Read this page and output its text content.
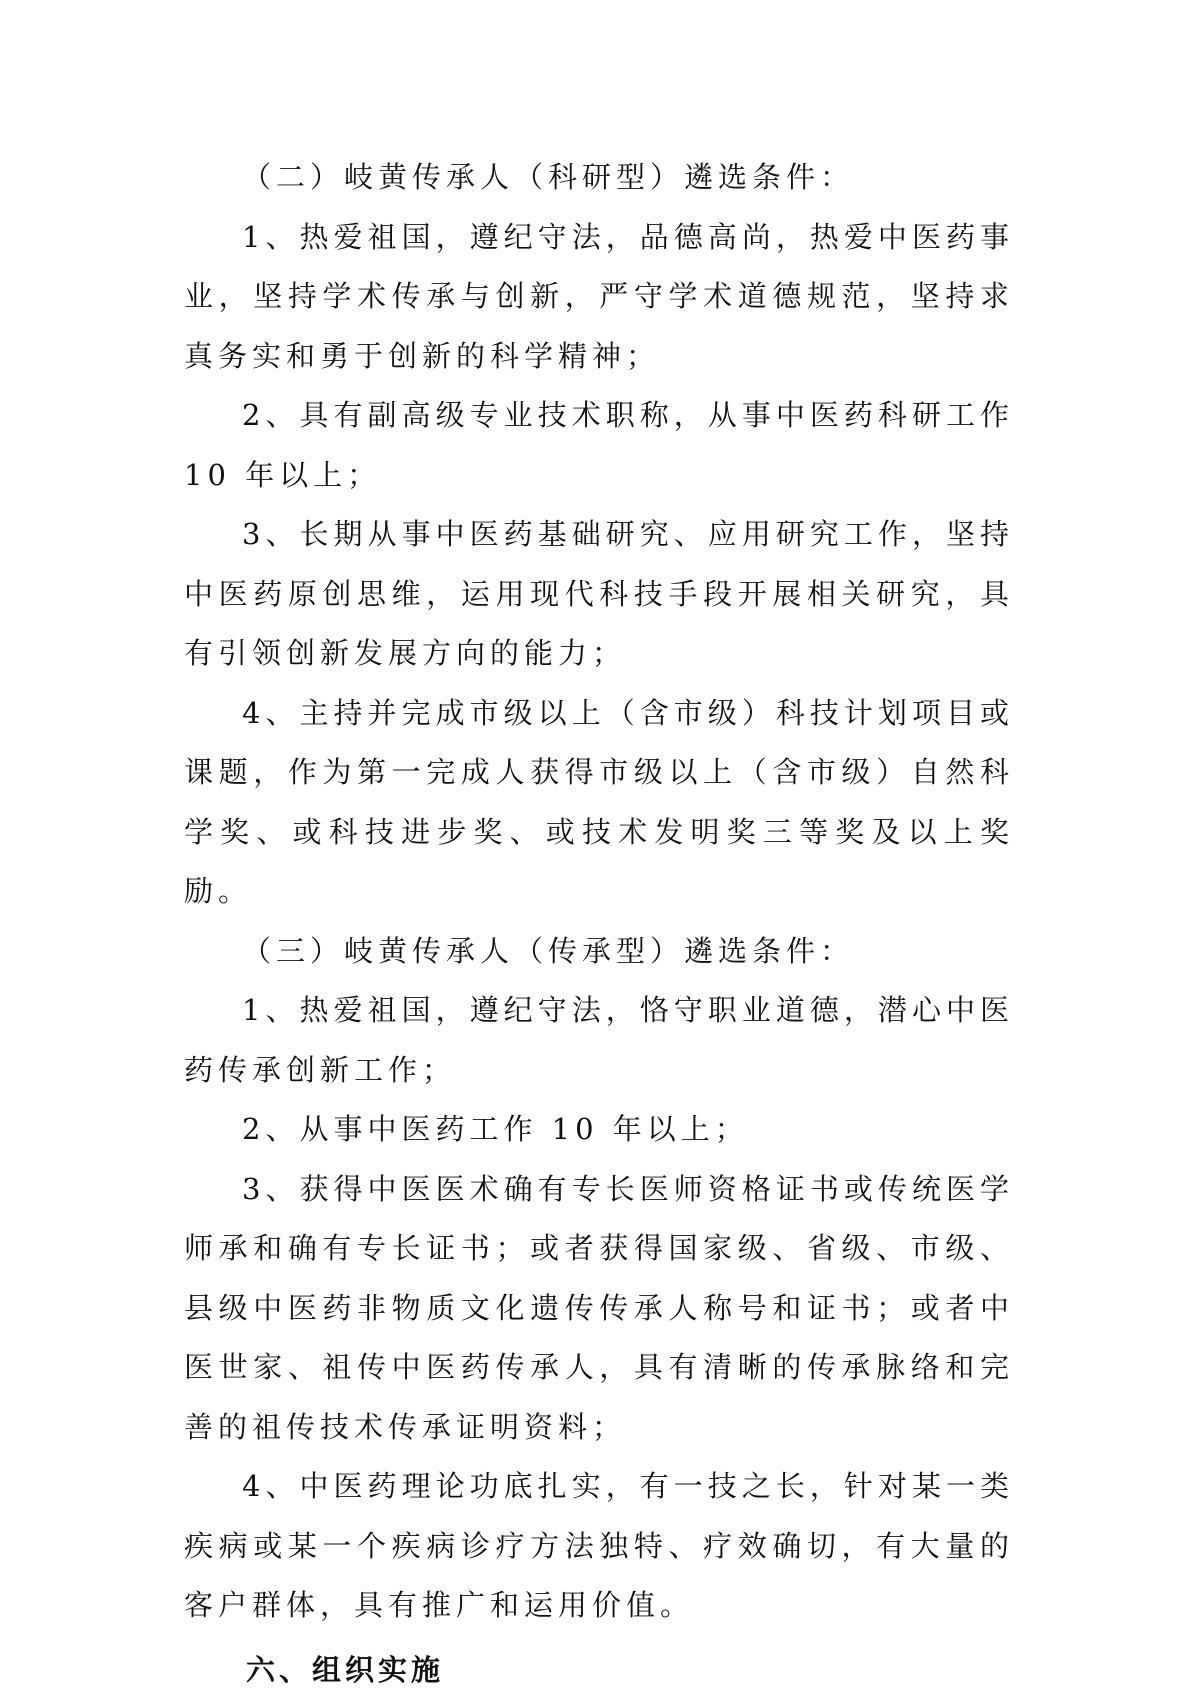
（二）岐黄传承人（科研型）遴选条件：

1、热爱祖国，遵纪守法，品德高尚，热爱中医药事业，坚持学术传承与创新，严守学术道德规范，坚持求真务实和勇于创新的科学精神；

2、具有副高级专业技术职称，从事中医药科研工作 10 年以上；

3、长期从事中医药基础研究、应用研究工作，坚持中医药原创思维，运用现代科技手段开展相关研究，具有引领创新发展方向的能力；

4、主持并完成市级以上（含市级）科技计划项目或课题，作为第一完成人获得市级以上（含市级）自然科学奖、或科技进步奖、或技术发明奖三等奖及以上奖励。

（三）岐黄传承人（传承型）遴选条件：

1、热爱祖国，遵纪守法，恪守职业道德，潜心中医药传承创新工作；

2、从事中医药工作 10 年以上；

3、获得中医医术确有专长医师资格证书或传统医学师承和确有专长证书；或者获得国家级、省级、市级、县级中医药非物质文化遗传传承人称号和证书；或者中医世家、祖传中医药传承人，具有清晰的传承脉络和完善的祖传技术传承证明资料；

4、中医药理论功底扎实，有一技之长，针对某一类疾病或某一个疾病诊疗方法独特、疗效确切，有大量的客户群体，具有推广和运用价值。

六、组织实施
